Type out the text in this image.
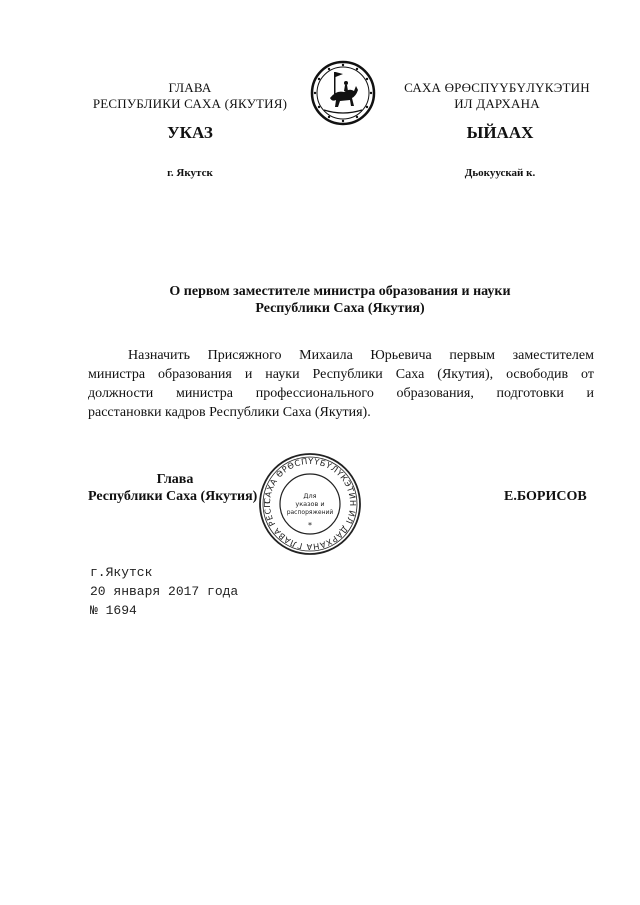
ГЛАВА
РЕСПУБЛИКИ САХА (ЯКУТИЯ)
САХА ӨРӨСПҮҮБҮЛҮКЭТИН
ИЛ ДАРХАНА
УКАЗ	ЫЙААХ
г. Якутск	Дьокуускай к.
О первом заместителе министра образования и науки
Республики Саха (Якутия)
Назначить Присяжного Михаила Юрьевича первым заместителем
министра образования и науки Республики Саха (Якутия), освободив от
должности министра профессионального образования, подготовки и
расстановки кадров Республики Саха (Якутия).
Глава
Республики Саха (Якутия)	Е.БОРИСОВ
САХА ӨРӨСПҮҮБҮЛҮКЭТИН ИЛ ДАРХАНА ГЛАВА РЕСП
Для
указов и
распоряжений
*
г.Якутск
20 января 2017 года
№ 1694
